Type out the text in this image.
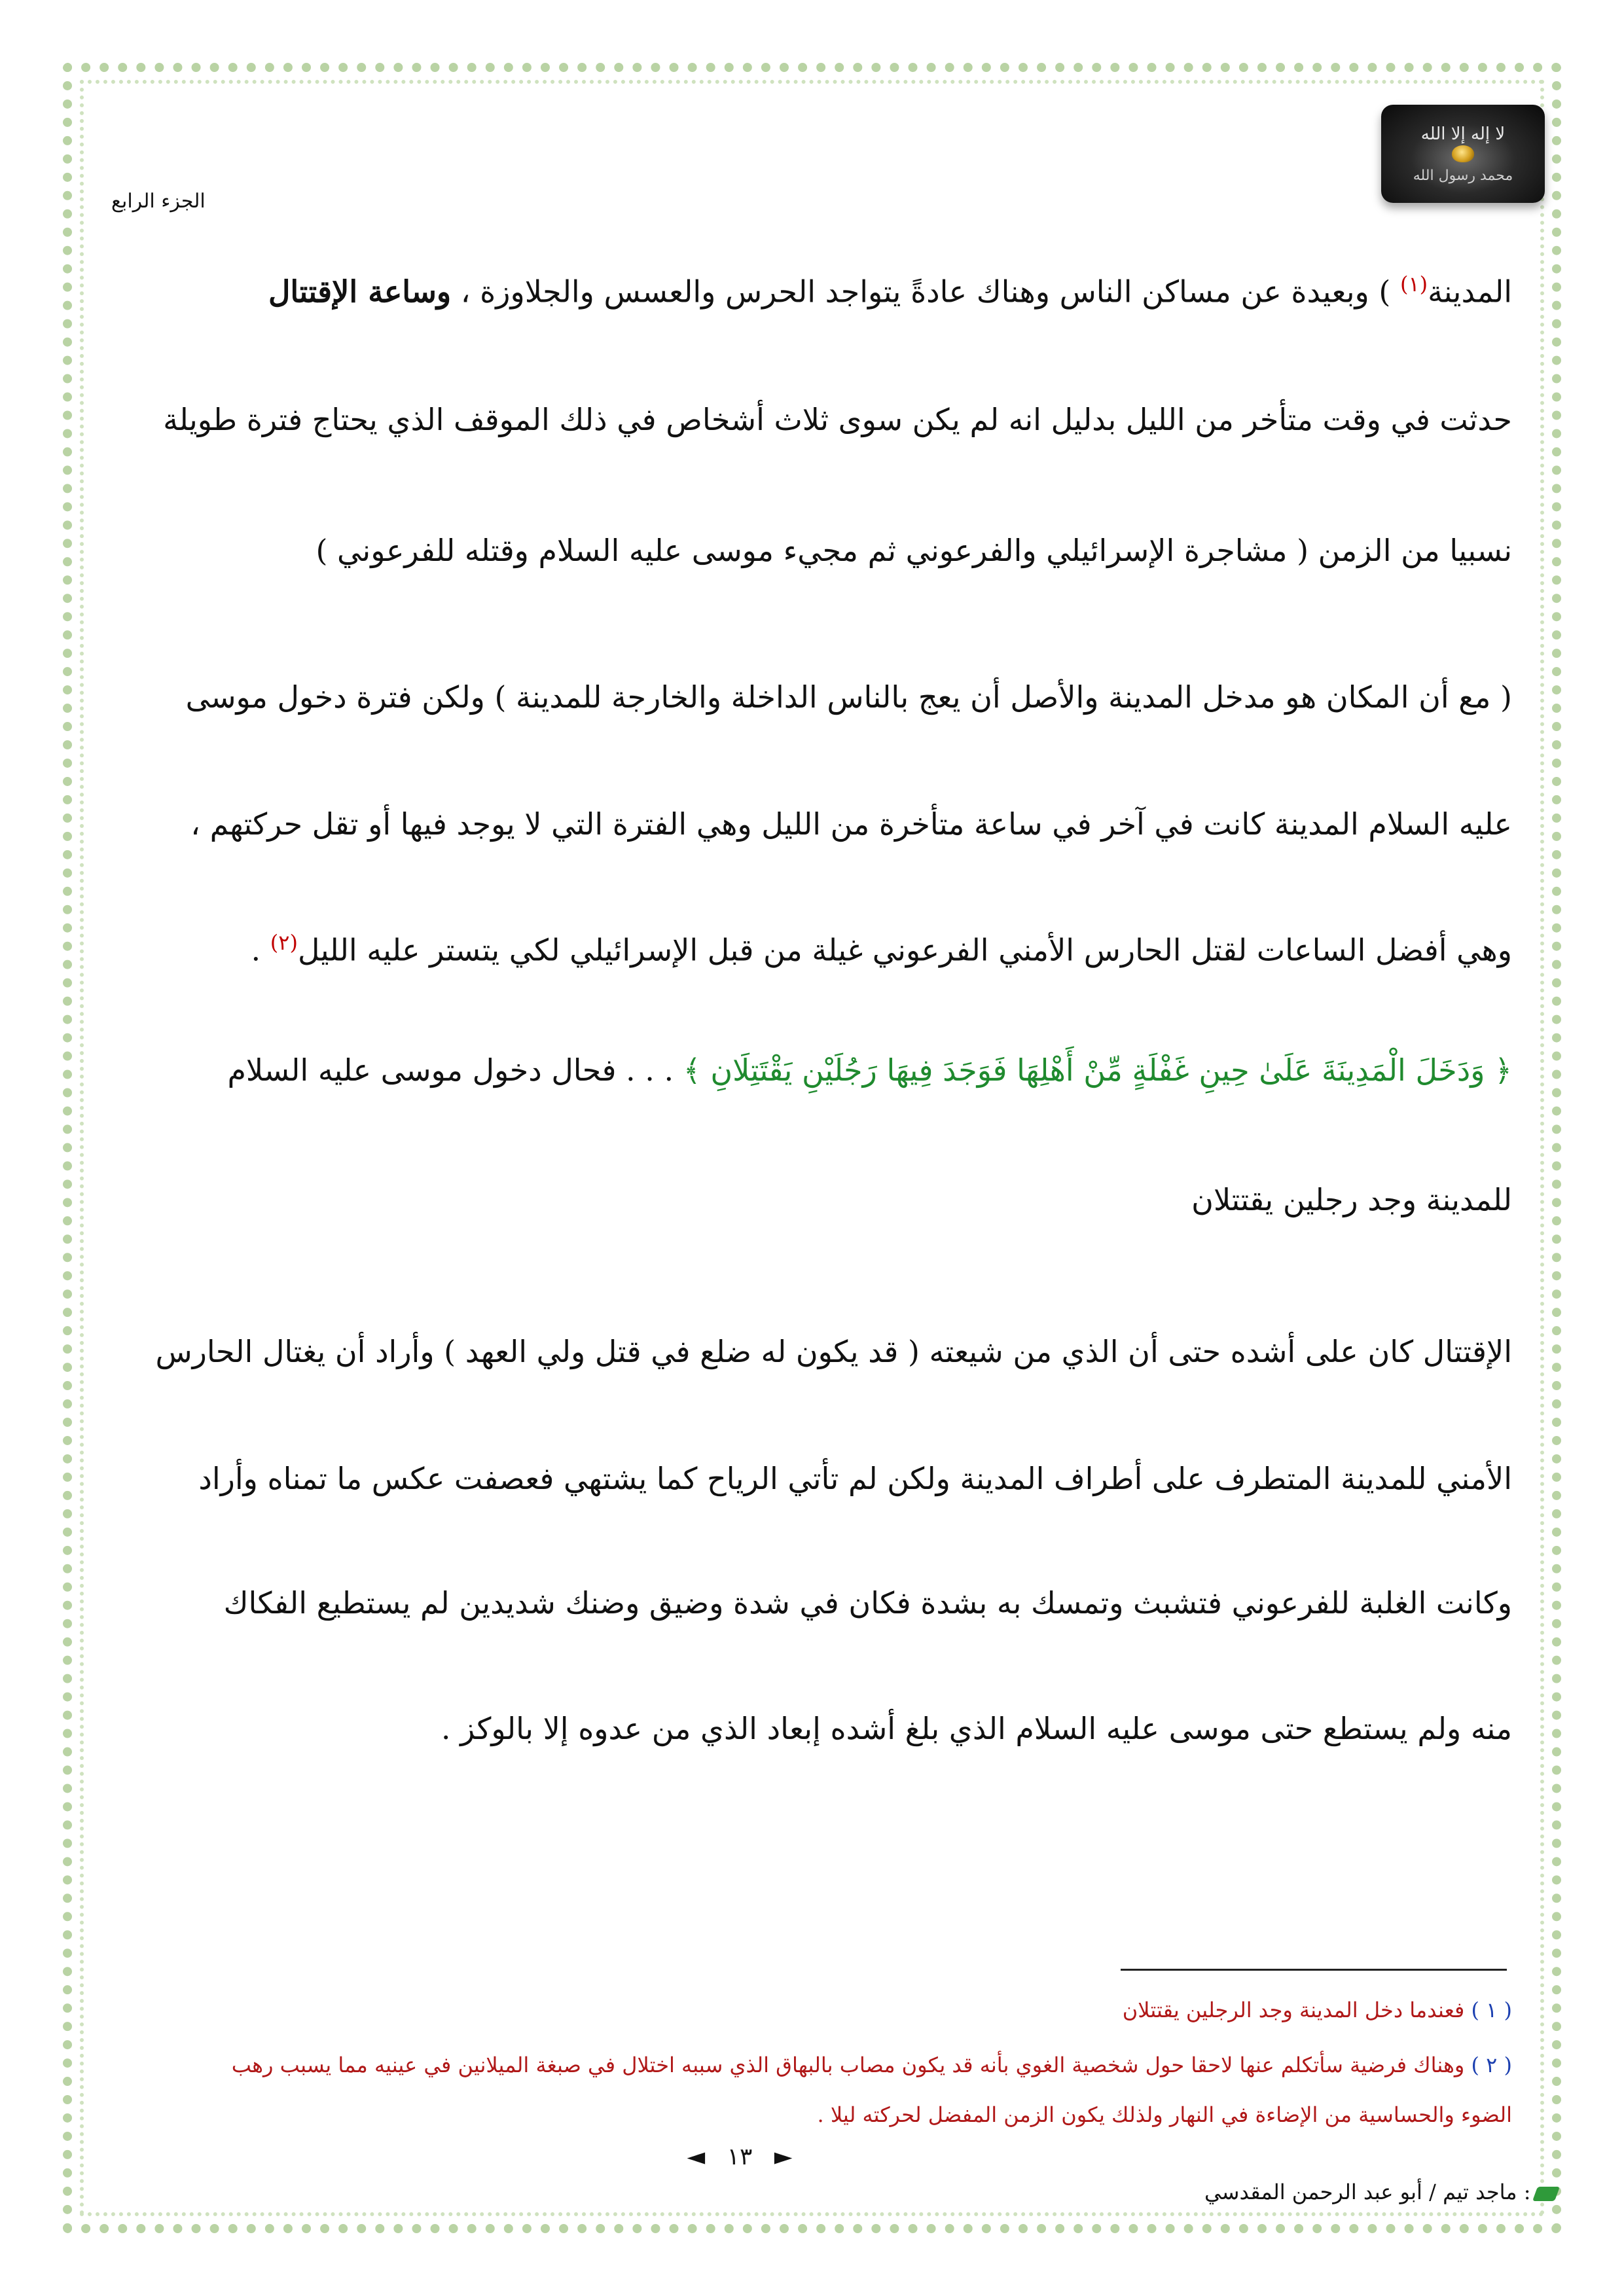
لا إله إلا الله
محمد رسول الله
الجزء الرابع
المدينة$^{(١)}$ ) وبعيدة عن مساكن الناس وهناك عادةً يتواجد الحرس والعسس والجلاوزة ، وساعة الإقتتال
حدثت في وقت متأخر من الليل بدليل انه لم يكن سوى ثلاث أشخاص في ذلك الموقف الذي يحتاج فترة طويلة
نسبيا من الزمن ( مشاجرة الإسرائيلي والفرعوني ثم مجيء موسى عليه السلام وقتله للفرعوني )
( مع أن المكان هو مدخل المدينة والأصل أن يعج بالناس الداخلة والخارجة للمدينة ) ولكن فترة دخول موسى
عليه السلام المدينة كانت في آخر في ساعة متأخرة من الليل وهي الفترة التي لا يوجد فيها أو تقل حركتهم ،
وهي أفضل الساعات لقتل الحارس الأمني الفرعوني غيلة من قبل الإسرائيلي لكي يتستر عليه الليل$^{(٢)}$ .
﴿ وَدَخَلَ الْمَدِينَةَ عَلَىٰ حِينِ غَفْلَةٍ مِّنْ أَهْلِهَا فَوَجَدَ فِيهَا رَجُلَيْنِ يَقْتَتِلَانِ ﴾ . . . فحال دخول موسى عليه السلام
للمدينة وجد رجلين يقتتلان
الإقتتال كان على أشده حتى أن الذي من شيعته ( قد يكون له ضلع في قتل ولي العهد ) وأراد أن يغتال الحارس
الأمني للمدينة المتطرف على أطراف المدينة ولكن لم تأتي الرياح كما يشتهي فعصفت عكس ما تمناه وأراد
وكانت الغلبة للفرعوني فتشبث وتمسك به بشدة فكان في شدة وضيق وضنك شديدين لم يستطيع الفكاك
منه ولم يستطع حتى موسى عليه السلام الذي بلغ أشده إبعاد الذي من عدوه إلا بالوكز .
( ١ ) فعندما دخل المدينة وجد الرجلين يقتتلان
( ٢ ) وهناك فرضية سأتكلم عنها لاحقا حول شخصية الغوي بأنه قد يكون مصاب بالبهاق الذي سببه اختلال في صبغة الميلانين في عينيه مما يسبب رهب
الضوء والحساسية من الإضاءة في النهار ولذلك يكون الزمن المفضل لحركته ليلا .
◄ ١٣ ►
: ماجد تيم / أبو عبد الرحمن المقدسي
